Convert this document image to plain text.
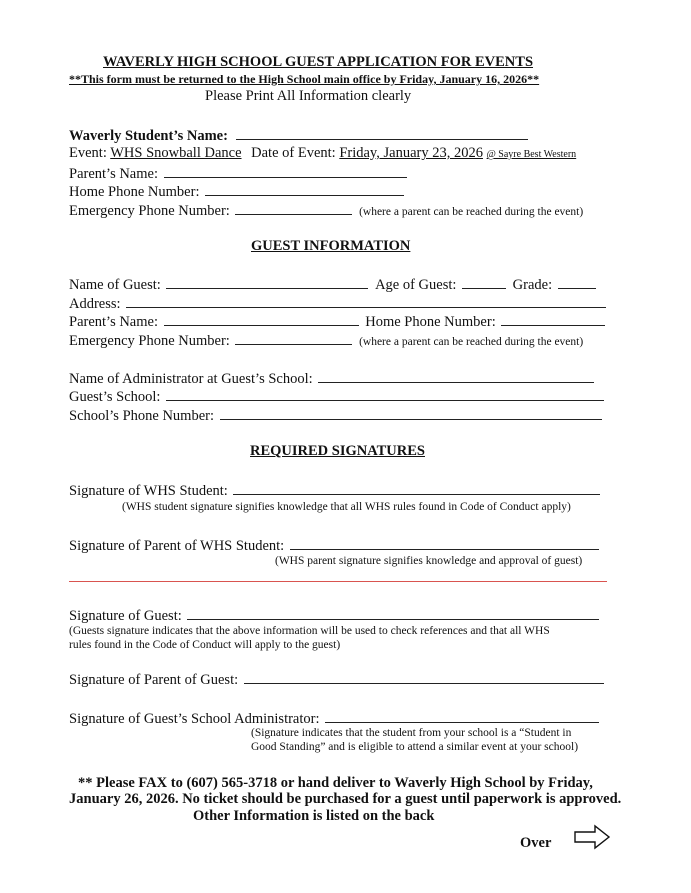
WAVERLY HIGH SCHOOL GUEST APPLICATION FOR EVENTS
**This form must be returned to the High School main office by Friday, January 16, 2026**
Please Print All Information clearly
Waverly Student’s Name:
Event: WHS Snowball Dance Date of Event: Friday, January 23, 2026 @ Sayre Best Western
Parent’s Name:
Home Phone Number:
Emergency Phone Number:	(where a parent can be reached during the event)
GUEST INFORMATION
Name of Guest:	Age of Guest:	Grade:
Address:
Parent’s Name:	Home Phone Number:
Emergency Phone Number:	(where a parent can be reached during the event)
Name of Administrator at Guest’s School:
Guest’s School:
School’s Phone Number:
REQUIRED SIGNATURES
Signature of WHS Student:
(WHS student signature signifies knowledge that all WHS rules found in Code of Conduct apply)
Signature of Parent of WHS Student:
(WHS parent signature signifies knowledge and approval of guest)
Signature of Guest:
(Guests signature indicates that the above information will be used to check references and that all WHS
rules found in the Code of Conduct will apply to the guest)
Signature of Parent of Guest:
Signature of Guest’s School Administrator:
(Signature indicates that the student from your school is a “Student in
Good Standing” and is eligible to attend a similar event at your school)
** Please FAX to (607) 565-3718 or hand deliver to Waverly High School by Friday,
January 26, 2026. No ticket should be purchased for a guest until paperwork is approved.
Other Information is listed on the back
Over
